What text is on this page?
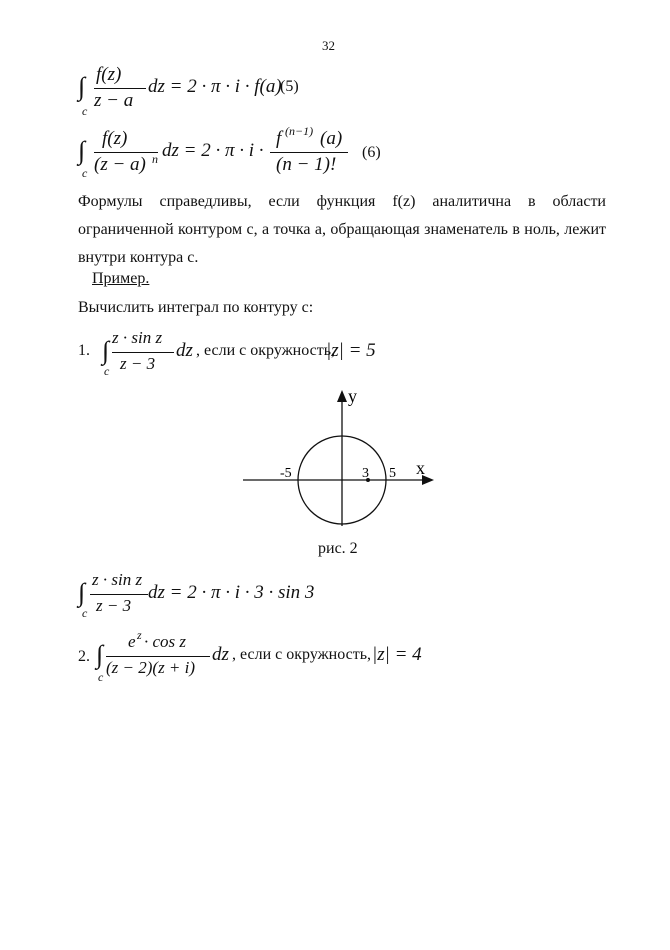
32
∫
c
f(z)
z − a
dz = 2 · π · i · f(a)
(5)
∫
c
f(z)
(z − a) n dz = 2 · π · i ·
f (n−1) (a)
(n − 1)!
(6)
Формулы справедливы, если функция f(z) аналитична в области
ограниченной контуром с, а точка а, обращающая знаменатель в ноль, лежит
внутри контура с.
Пример.
Вычислить интеграл по контуру с:
1. ∫
c
z · sin z
z − 3
dz , если с окружность,
|z| = 5
y
x
-5	3 5
рис. 2
∫
c
z · sin z
z − 3
dz = 2 · π · i · 3 · sin 3
2. ∫
c
e z · cos z
(z − 2)(z + i)
dz , если с окружность, |z| = 4
